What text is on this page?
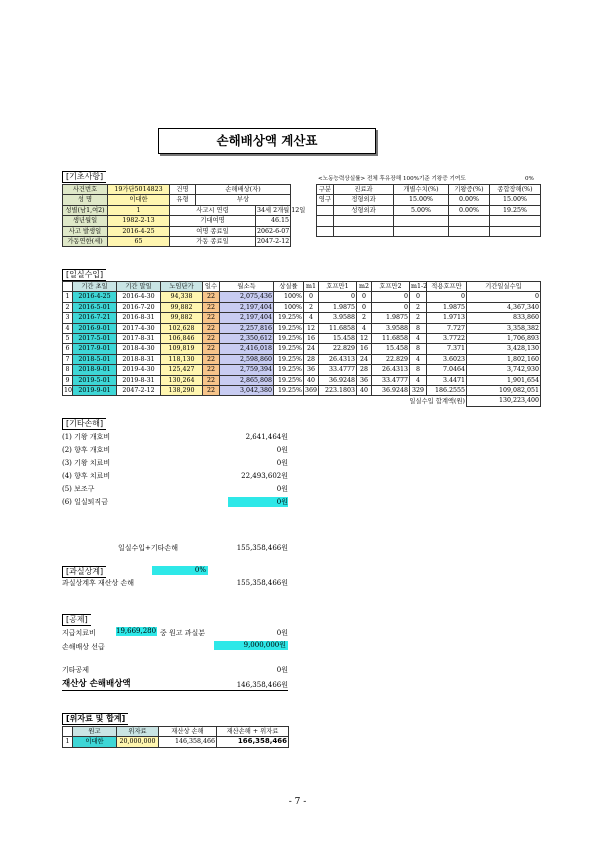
손해배상액 계산표
[기초사항]
사건번호	19가단5014823	건명	손해배상(자)	
성 명	이대한	유형	부상	
성별(남1,여2)	1	사고시 연령		34세 2개월 12일
생년월일	1982-2-13	기대여명		46.15
사고 발생일	2016-4-25	여명 종료일		2062-6-07
가동연한(세)	65	가동 종료일		2047-2-12
<노동능력상실률> 전체 후유장해 100%기준 기왕증 기여도	0%
구분	진료과	개별수치(%)	기왕증(%)	종합장해(%)
영구	정형외과	15.00%	0.00%	15.00%
	성형외과	5.00%	0.00%	19.25%

[일실수입]
	기간 초일	기간 말일	노임단가	일수	월소득	상실률	m1	호프만1	m2	호프만2	m1-2	적용호프만	기간일실수입
1	2016-4-25	2016-4-30	94,338	22	2,075,436	100%	0	0	0	0	0	0	0
2	2016-5-01	2016-7-20	99,882	22	2,197,404	100%	2	1.9875	0	0	2	1.9875	4,367,340
3	2016-7-21	2016-8-31	99,882	22	2,197,404	19.25%	4	3.9588	2	1.9875	2	1.9713	833,860
4	2016-9-01	2017-4-30	102,628	22	2,257,816	19.25%	12	11.6858	4	3.9588	8	7.727	3,358,382
5	2017-5-01	2017-8-31	106,846	22	2,350,612	19.25%	16	15.458	12	11.6858	4	3.7722	1,706,893
6	2017-9-01	2018-4-30	109,819	22	2,416,018	19.25%	24	22.829	16	15.458	8	7.371	3,428,130
7	2018-5-01	2018-8-31	118,130	22	2,598,860	19.25%	28	26.4313	24	22.829	4	3.6023	1,802,160
8	2018-9-01	2019-4-30	125,427	22	2,759,394	19.25%	36	33.4777	28	26.4313	8	7.0464	3,742,930
9	2019-5-01	2019-8-31	130,264	22	2,865,808	19.25%	40	36.9248	36	33.4777	4	3.4471	1,901,654
10	2019-9-01	2047-2-12	138,290	22	3,042,380	19.25%	369	223.1803	40	36.9248	329	186.2555	109,082,051
일실수입 합계액(원)													130,223,400
[기타손해]
(1) 기왕 개호비	2,641,464원
(2) 향후 개호비	0원
(3) 기왕 치료비	0원
(4) 향후 치료비	22,493,602원
(5) 보조구	0원
(6) 일실퇴직금	0원
일실수입+기타손해	155,358,466원
[과실상계]	0%
과실상계후 재산상 손해	155,358,466원
[공제]
지급치료비	19,669,280 중 원고 과실분	0원
손해배상 선급	9,000,000원
기타공제	0원
재산상 손해배상액	146,358,466원
[위자료 및 합계]
	원고	위자료	재산상 손해	재산손해 + 위자료
1	이대한	20,000,000	146,358,466	166,358,466
- 7 -
